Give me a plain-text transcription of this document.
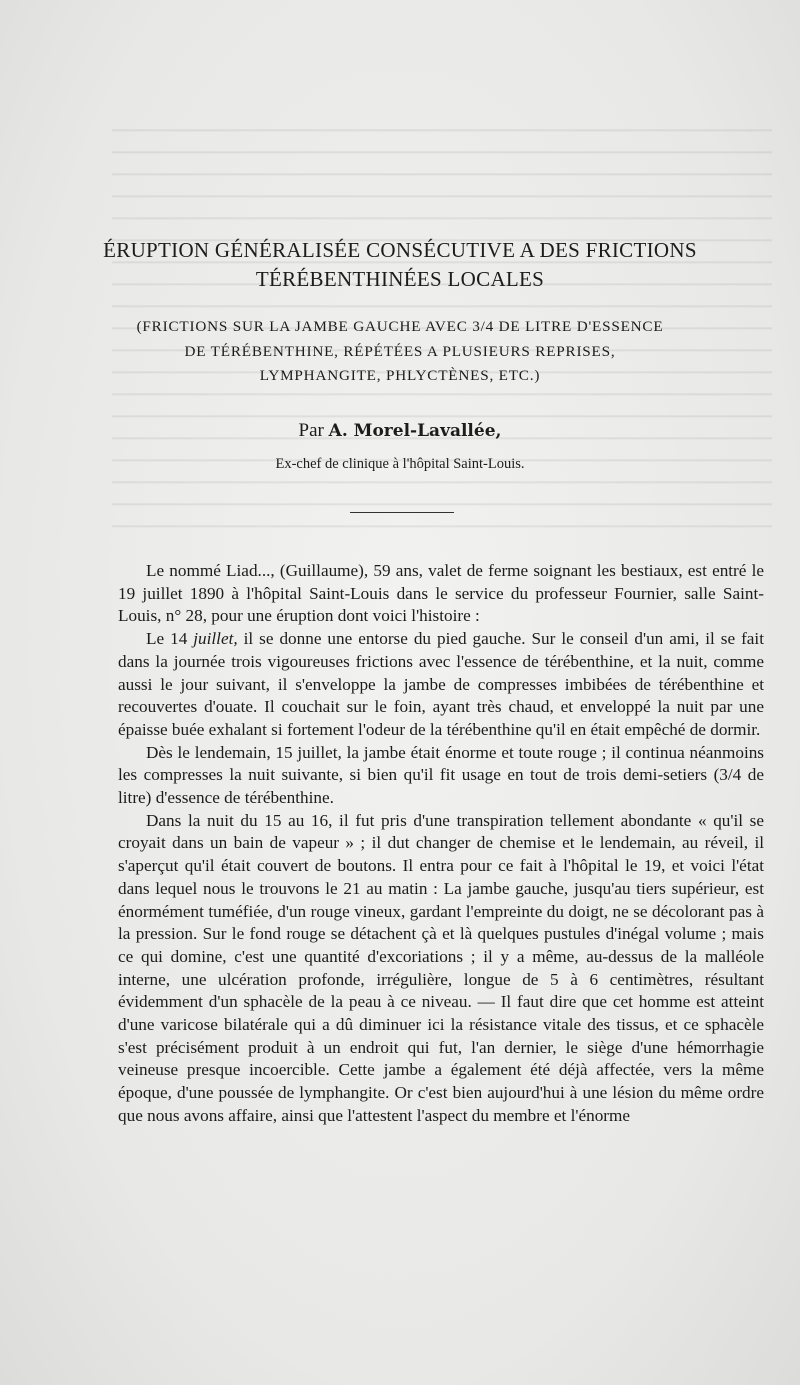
ÉRUPTION GÉNÉRALISÉE CONSÉCUTIVE A DES FRICTIONS
TÉRÉBENTHINÉES LOCALES
(FRICTIONS SUR LA JAMBE GAUCHE AVEC 3/4 DE LITRE D'ESSENCE
DE TÉRÉBENTHINE, RÉPÉTÉES A PLUSIEURS REPRISES,
LYMPHANGITE, PHLYCTÈNES, ETC.)
Par A. Morel-Lavallée,
Ex-chef de clinique à l'hôpital Saint-Louis.

Le nommé Liad..., (Guillaume), 59 ans, valet de ferme soignant les bestiaux, est entré le 19 juillet 1890 à l'hôpital Saint-Louis dans le service du professeur Fournier, salle Saint-Louis, n° 28, pour une éruption dont voici l'histoire :

Le 14 juillet, il se donne une entorse du pied gauche. Sur le conseil d'un ami, il se fait dans la journée trois vigoureuses frictions avec l'essence de térébenthine, et la nuit, comme aussi le jour suivant, il s'enveloppe la jambe de compresses imbibées de térébenthine et recouvertes d'ouate. Il couchait sur le foin, ayant très chaud, et enveloppé la nuit par une épaisse buée exhalant si fortement l'odeur de la térébenthine qu'il en était empêché de dormir.

Dès le lendemain, 15 juillet, la jambe était énorme et toute rouge ; il continua néanmoins les compresses la nuit suivante, si bien qu'il fit usage en tout de trois demi-setiers (3/4 de litre) d'essence de térébenthine.

Dans la nuit du 15 au 16, il fut pris d'une transpiration tellement abondante « qu'il se croyait dans un bain de vapeur » ; il dut changer de chemise et le lendemain, au réveil, il s'aperçut qu'il était couvert de boutons. Il entra pour ce fait à l'hôpital le 19, et voici l'état dans lequel nous le trouvons le 21 au matin : La jambe gauche, jusqu'au tiers supérieur, est énormément tuméfiée, d'un rouge vineux, gardant l'empreinte du doigt, ne se décolorant pas à la pression. Sur le fond rouge se détachent çà et là quelques pustules d'inégal volume ; mais ce qui domine, c'est une quantité d'excoriations ; il y a même, au-dessus de la malléole interne, une ulcération profonde, irrégulière, longue de 5 à 6 centimètres, résultant évidemment d'un sphacèle de la peau à ce niveau. — Il faut dire que cet homme est atteint d'une varicose bilatérale qui a dû diminuer ici la résistance vitale des tissus, et ce sphacèle s'est précisément produit à un endroit qui fut, l'an dernier, le siège d'une hémorrhagie veineuse presque incoercible. Cette jambe a également été déjà affectée, vers la même époque, d'une poussée de lymphangite. Or c'est bien aujourd'hui à une lésion du même ordre que nous avons affaire, ainsi que l'attestent l'aspect du membre et l'énorme
